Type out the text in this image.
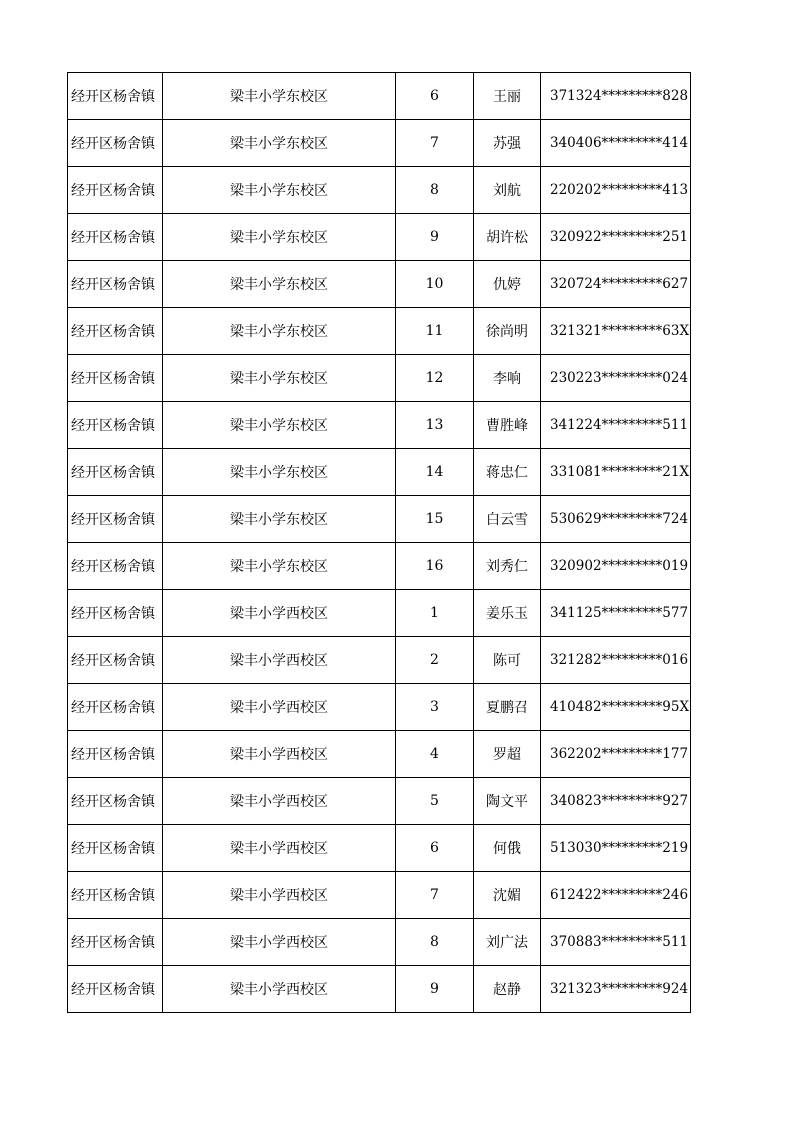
经开区杨舍镇	梁丰小学东校区	6	王丽	371324*********828
经开区杨舍镇	梁丰小学东校区	7	苏强	340406*********414
经开区杨舍镇	梁丰小学东校区	8	刘航	220202*********413
经开区杨舍镇	梁丰小学东校区	9	胡许松	320922*********251
经开区杨舍镇	梁丰小学东校区	10	仇婷	320724*********627
经开区杨舍镇	梁丰小学东校区	11	徐尚明	321321*********63X
经开区杨舍镇	梁丰小学东校区	12	李响	230223*********024
经开区杨舍镇	梁丰小学东校区	13	曹胜峰	341224*********511
经开区杨舍镇	梁丰小学东校区	14	蒋忠仁	331081*********21X
经开区杨舍镇	梁丰小学东校区	15	白云雪	530629*********724
经开区杨舍镇	梁丰小学东校区	16	刘秀仁	320902*********019
经开区杨舍镇	梁丰小学西校区	1	姜乐玉	341125*********577
经开区杨舍镇	梁丰小学西校区	2	陈可	321282*********016
经开区杨舍镇	梁丰小学西校区	3	夏鹏召	410482*********95X
经开区杨舍镇	梁丰小学西校区	4	罗超	362202*********177
经开区杨舍镇	梁丰小学西校区	5	陶文平	340823*********927
经开区杨舍镇	梁丰小学西校区	6	何俄	513030*********219
经开区杨舍镇	梁丰小学西校区	7	沈媚	612422*********246
经开区杨舍镇	梁丰小学西校区	8	刘广法	370883*********511
经开区杨舍镇	梁丰小学西校区	9	赵静	321323*********924
